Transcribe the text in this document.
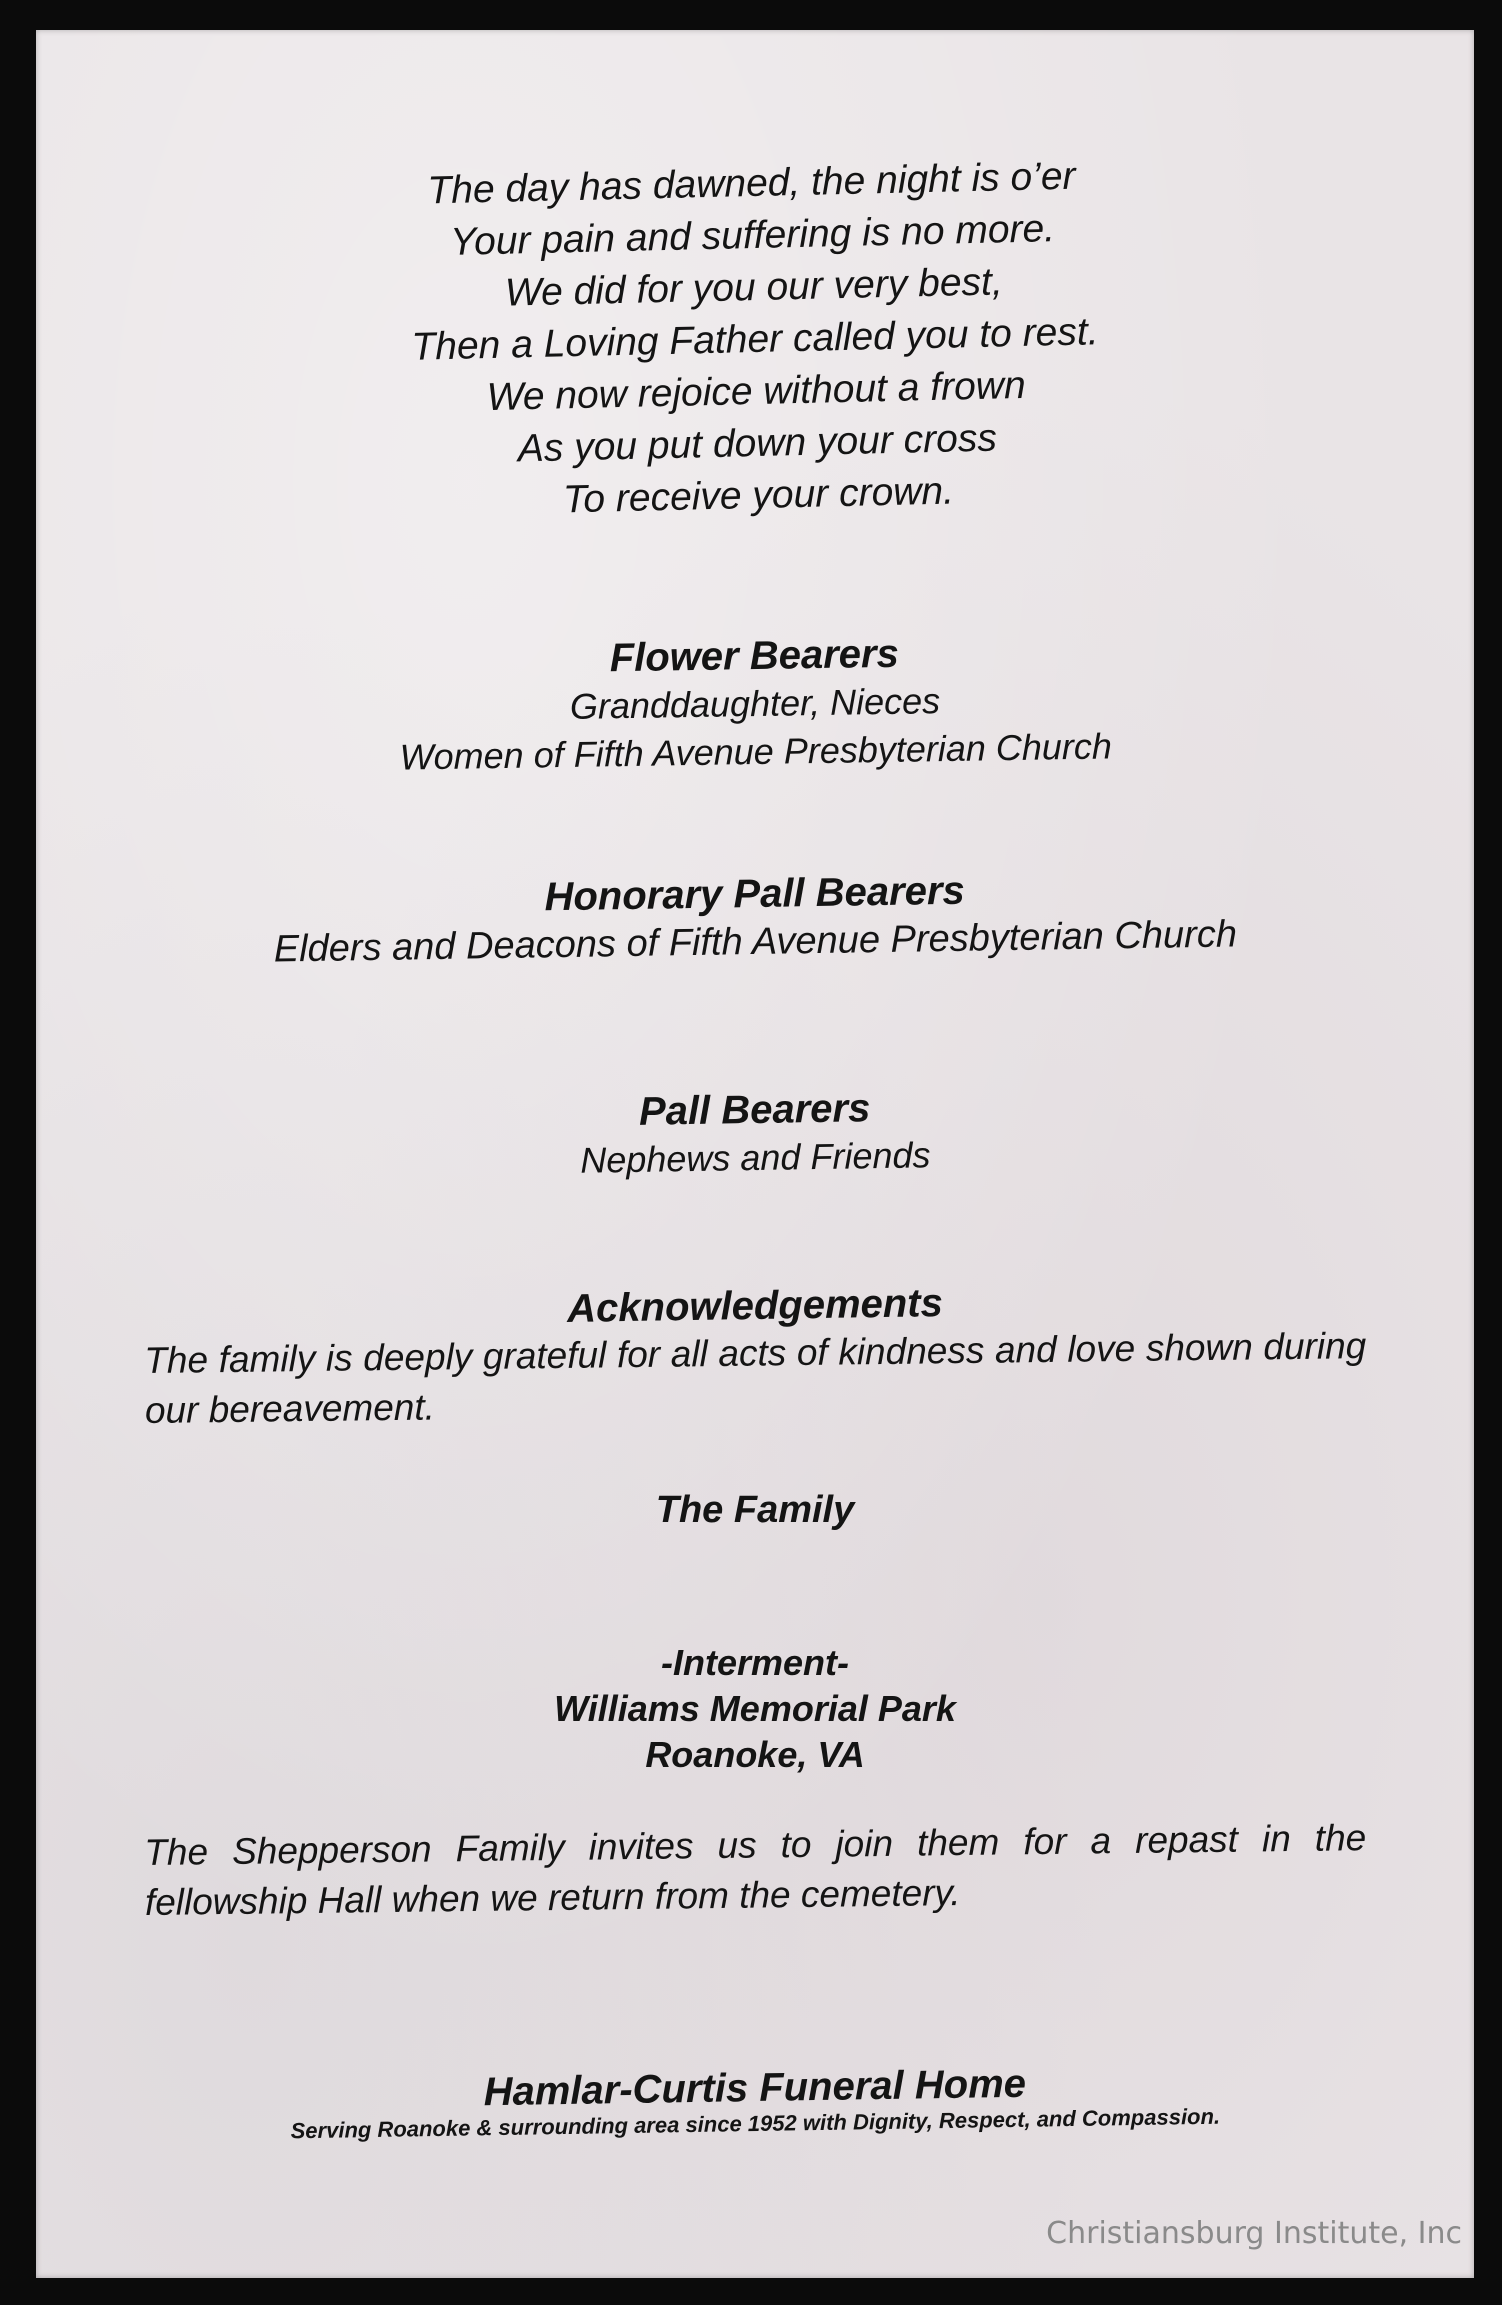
The day has dawned, the night is o’er
Your pain and suffering is no more.
We did for you our very best,
Then a Loving Father called you to rest.
We now rejoice without a frown
As you put down your cross
To receive your crown.
Flower Bearers
Granddaughter, Nieces
Women of Fifth Avenue Presbyterian Church
Honorary Pall Bearers
Elders and Deacons of Fifth Avenue Presbyterian Church
Pall Bearers
Nephews and Friends
Acknowledgements
The family is deeply grateful for all acts of kindness and love shown during our bereavement.
The Family
-Interment-
Williams Memorial Park
Roanoke, VA
The Shepperson Family invites us to join them for a repast in the fellowship Hall when we return from the cemetery.
Hamlar-Curtis Funeral Home
Serving Roanoke & surrounding area since 1952 with Dignity, Respect, and Compassion.
Christiansburg Institute, Inc
